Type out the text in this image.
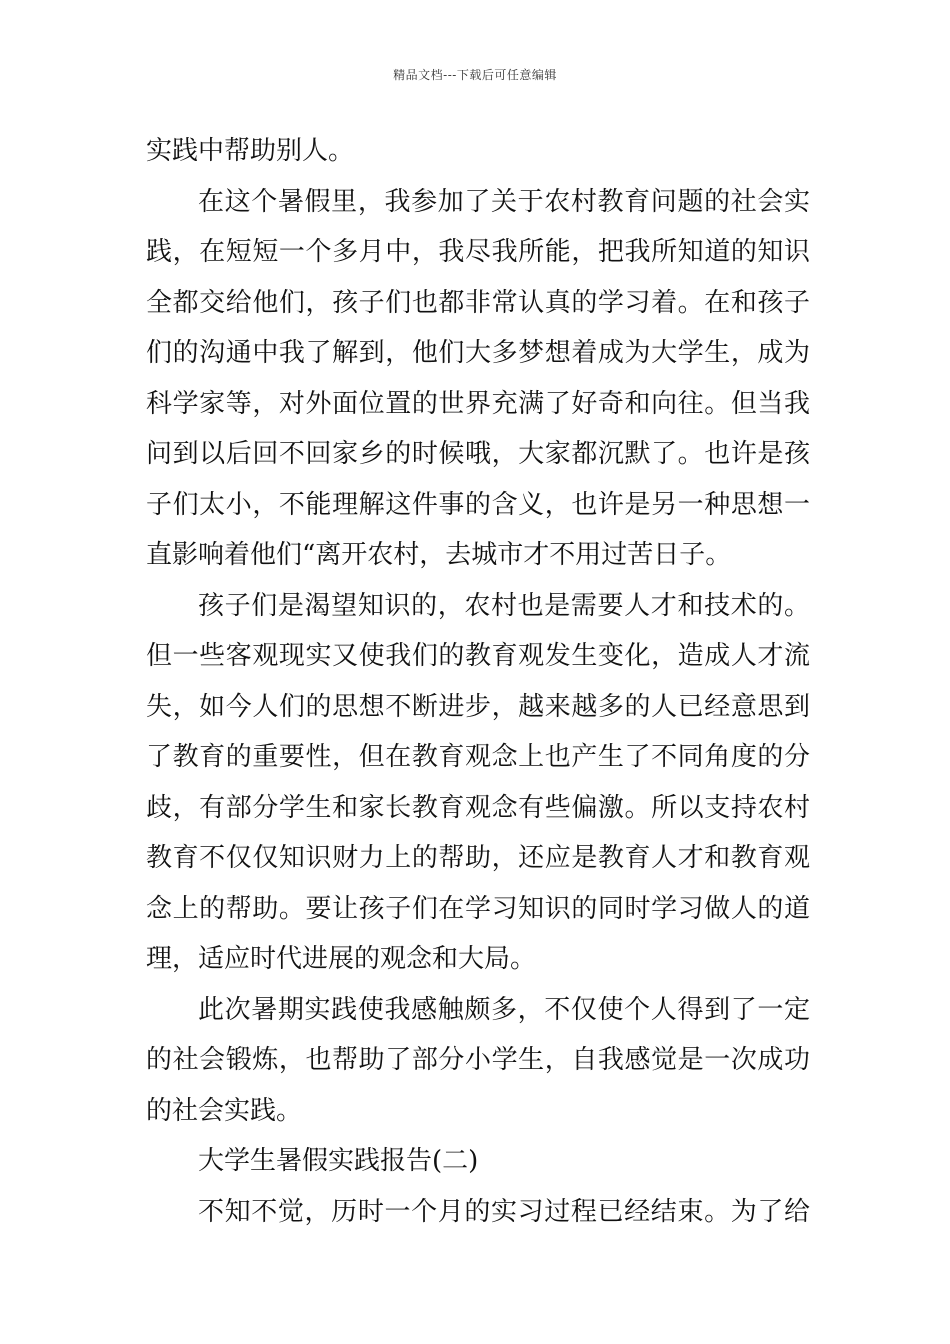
精品文档---下载后可任意编辑
实践中帮助别人。
在这个暑假里，我参加了关于农村教育问题的社会实
践，在短短一个多月中，我尽我所能，把我所知道的知识
全都交给他们，孩子们也都非常认真的学习着。在和孩子
们的沟通中我了解到，他们大多梦想着成为大学生，成为
科学家等，对外面位置的世界充满了好奇和向往。但当我
问到以后回不回家乡的时候哦，大家都沉默了。也许是孩
子们太小，不能理解这件事的含义，也许是另一种思想一
直影响着他们“离开农村，去城市才不用过苦日子。
孩子们是渴望知识的，农村也是需要人才和技术的。
但一些客观现实又使我们的教育观发生变化，造成人才流
失，如今人们的思想不断进步，越来越多的人已经意思到
了教育的重要性，但在教育观念上也产生了不同角度的分
歧，有部分学生和家长教育观念有些偏激。所以支持农村
教育不仅仅知识财力上的帮助，还应是教育人才和教育观
念上的帮助。要让孩子们在学习知识的同时学习做人的道
理，适应时代进展的观念和大局。
此次暑期实践使我感触颇多，不仅使个人得到了一定
的社会锻炼，也帮助了部分小学生，自我感觉是一次成功
的社会实践。
大学生暑假实践报告(二)
不知不觉，历时一个月的实习过程已经结束。为了给
